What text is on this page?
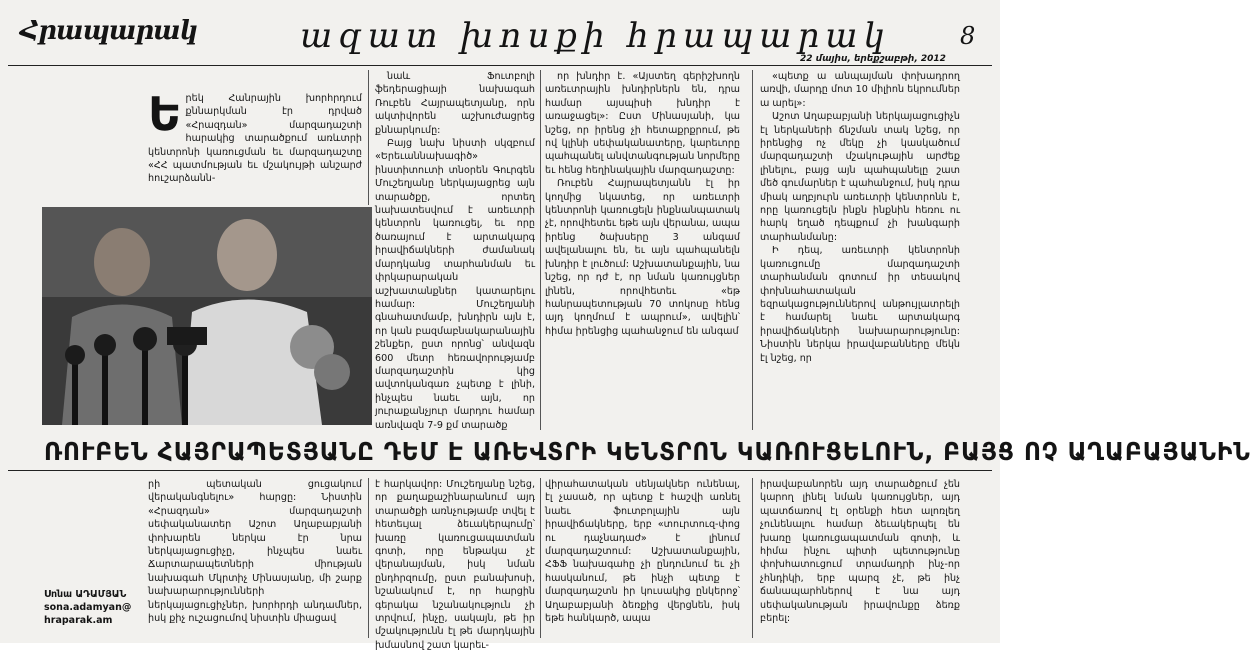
Հրապարակ	ազատ խոսքի հրապարակ	8
22 մայիս, երեքշաբթի, 2012
Ե րեկ Հանրային խորհրդում քննարկման էր դրված «Հրազդան» մարզադաշտի հարակից տարածքում առևտրի կենտրոնի կառուցման եւ մարզադաշտը «ՀՀ պատմության եւ մշակույթի անշարժ հուշարձանն-

նաև Ֆուտբոլի ֆեդերացիայի նախագահ Ռուբեն Հայրապետյանը, որն ակտիվորեն աշխուժացրեց քննարկումը:

Բայց նախ նիստի սկզբում «Երեւաննախագիծ» ինստիտուտի տնօրեն Գուրգեն Մուշեղյանը ներկայացրեց այն տարածքը, որտեղ նախատեսվում է առեւտրի կենտրոն կառուցել, եւ որը ծառայում է արտակարգ իրավիճակների ժամանակ մարդկանց տարհանման եւ փրկարարական աշխատանքներ կատարելու համար: Մուշեղյանի գնահատմամբ, խնդիրն այն է, որ կան բազմաբնակարանային շենքեր, ըստ որոնց՝ անվազն 600 մետր հեռավորությամբ մարզադաշտին կից ավտոկանգառ չպետք է լինի, ինչպես նաեւ այն, որ յուրաքանչյուր մարդու համար առնվազն 7-9 քմ տարածք

որ խնդիր է. «Այստեղ գերիշխողն առեւտրային խնդիրներն են, դրա համար այսպիսի խնդիր է առաջացել»: Ըստ Մինասյանի, կա նշեց, որ իրենց չի հետաքրքրում, թե ով կլինի սեփականատերը, կարեւորը պահպանել անվտանգության նորմերը եւ հենց հեղինակային մարզադաշտը:

Ռուբեն Հայրապետյանն էլ իր կողմից նկատեց, որ առեւտրի կենտրոնի կառուցելն ինքնանպատակ չէ, որովհետեւ եթե այն վերանա, ապա իրենց ծախսերը 3 անգամ ավելանալու են, եւ այն պահպանելն խնդիր է լուծում: Աշխատանքային, նա նշեց, որ դժ է, որ նման կառույցներ լինեն, որովհետեւ «եթ հանրապետության 70 տոկոսը հենց այդ կողմում է ապրում», ավելին՝ հիմա իրենցից պահանջում են անգամ

«պետք ա անպայման փոխադրող առվի, մարդը մոտ 10 միլիոն եկրումներ ա արել»:

Աշոտ Աղաբաբյանի ներկայացուցիչն էլ ներկաների ճնշման տակ նշեց, որ իրենցից ոչ մեկը չի կասկածում մարզադաշտի մշակութային արժեք լինելու, բայց այն պահպանելը շատ մեծ գումարներ է պահանջում, իսկ դրա միակ աղբյուրն առեւտրի կենտրոնն է, որը կառուցելն ինքն ինքնին հեռու ու հարկ եղած դեպքում չի խանգարի տարհանմանը:

Ի դեպ, առեւտրի կենտրոնի կառուցումը մարզադաշտի տարհանման գոտում իր տեսակով փոխնահատական եզրակացություններով անթույլատրելի է համարել նաեւ արտակարգ իրավիճակների նախարարությունը: Նիստին ներկա իրավաբանները մեկն էլ նշեց, որ

ՌՈՒԲԵՆ ՀԱՅՐԱՊԵՏՅԱՆԸ ԴԵՄ Է ԱՌԵՎՏՐԻ ԿԵՆՏՐՈՆ ԿԱՌՈՒՑԵԼՈՒՆ, ԲԱՅՑ ՈՉ ԱՂԱԲԱՅԱՆԻՆ
րի պետական ցուցակում վերականգնելու» հարցը: Նիստին «Հրազդան» մարզադաշտի սեփականատեր Աշոտ Աղաբաբյանի փոխարեն ներկա էր նրա ներկայացուցիչը, ինչպես նաեւ Ճարտարապետների միության նախագահ Մկրտիչ Մինասյանը, մի շարք նախարարությունների ներկայացուցիչներ, խորհրդի անդամներ, իսկ քիչ ուշացումով նիստին միացավ
է հարկավոր: Մուշեղյանը նշեց, որ քաղաքաշինարանում այդ տարածքի առնչությամբ տվել է հետեւյալ ձեւակերպումը՝ խառը կառուցապատման գոտի, որը ենթակա չէ վերանայման, իսկ նման ընդհրզումը, ըստ բանախոսի, նշանակում է, որ հարցին գերակա նշանակություն չի տրվում, ինչը, սակայն, թե իր մշակությունն էլ թե մարդկային խմասնով շատ կարեւ-
վիրահատական սենյակներ ունենալ, էլ չասած, որ պետք է հաշվի առնել նաեւ ֆուտբոլային այն իրավիճակները, երբ «տուրտուզ-փոց ու դաչնադաժ» է լինում մարզադաշտում: Աշխատանքային, ՀՖՖ նախագահը չի ընդունում եւ չի հասկանում, թե ինչի պետք է մարզադաշտն իր կուսակից ընկերոջ՝ Աղաբաբյանի ձեռքից վերցնեն, իսկ եթե հանկարծ, ապա
իրավաբանորեն այդ տարածքում չեն կարող լինել նման կառույցներ, այդ պատճառով էլ օրենքի հետ ալոռլեղ չունենալու համար ձեւակերպել են խառը կառուցապատման գոտի, և հիմա ինչու պիտի պետությունը փոխհատուցում տրամադրի ինչ-որ չհնդիկի, երբ պարզ չէ, թե ինչ ճանապարհներով է նա այդ սեփականության իրավունքը ձեռք բերել:
Սոնա ԱԴԱՄՅԱՆ
sona.adamyan@
hraparak.am
